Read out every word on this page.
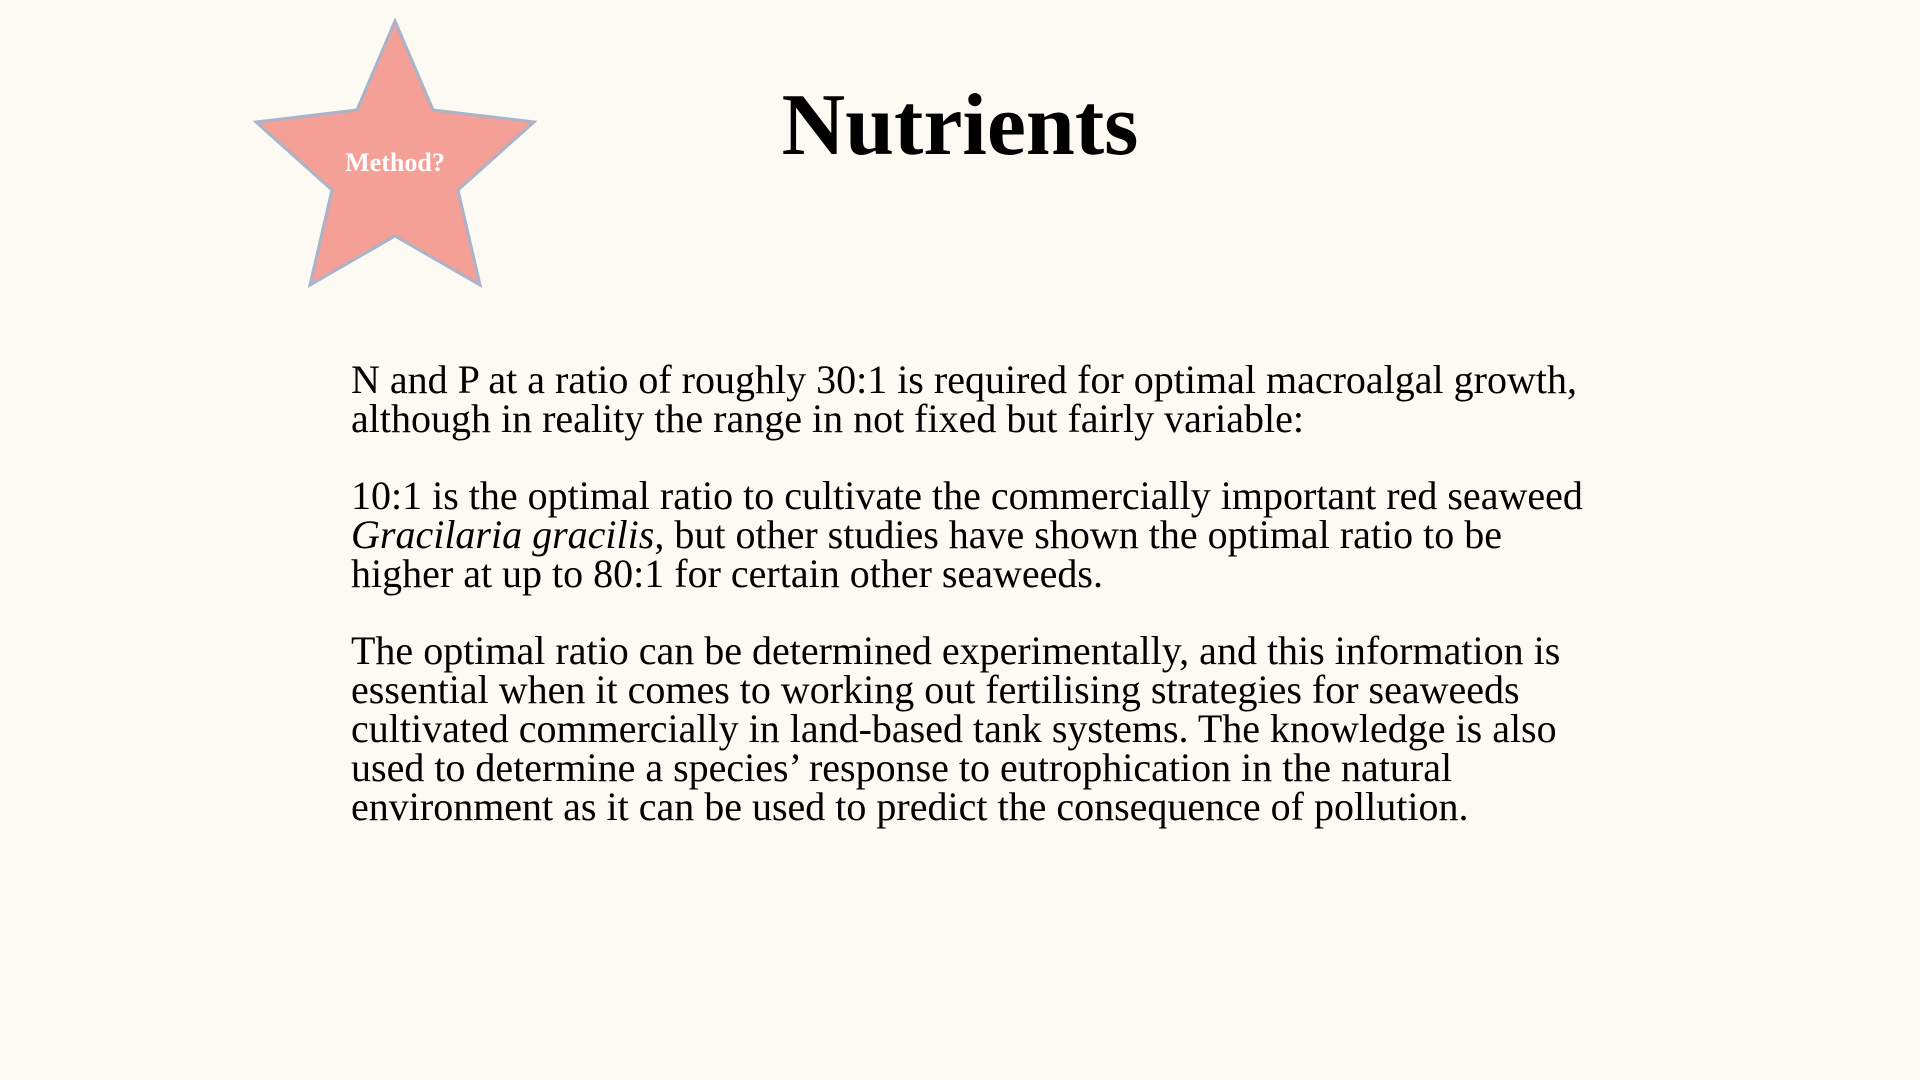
Method?	Nutrients

N and P at a ratio of roughly 30:1 is required for optimal macroalgal growth, although in reality the range in not fixed but fairly variable:

10:1 is the optimal ratio to cultivate the commercially important red seaweed Gracilaria gracilis, but other studies have shown the optimal ratio to be higher at up to 80:1 for certain other seaweeds.

The optimal ratio can be determined experimentally, and this information is essential when it comes to working out fertilising strategies for seaweeds cultivated commercially in land-based tank systems. The knowledge is also used to determine a species’ response to eutrophication in the natural environment as it can be used to predict the consequence of pollution.
